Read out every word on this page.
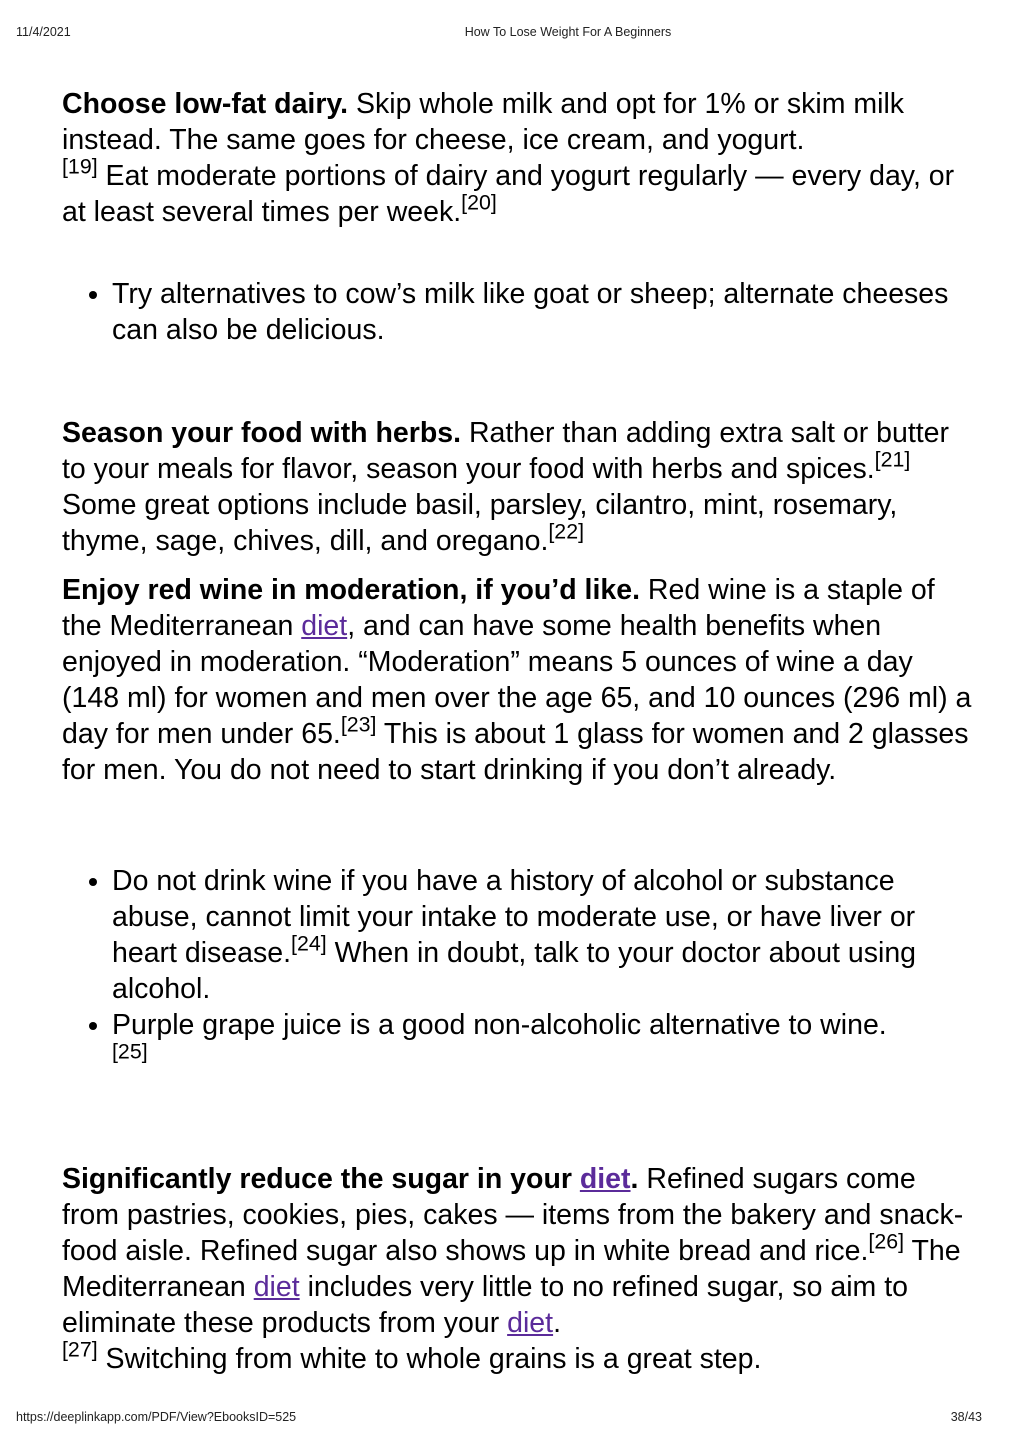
11/4/2021	How To Lose Weight For A Beginners

Choose low-fat dairy. Skip whole milk and opt for 1% or skim milk instead. The same goes for cheese, ice cream, and yogurt.
[19] Eat moderate portions of dairy and yogurt regularly — every day, or at least several times per week.[20]

• Try alternatives to cow’s milk like goat or sheep; alternate cheeses can also be delicious.

Season your food with herbs. Rather than adding extra salt or butter to your meals for flavor, season your food with herbs and spices.[21] Some great options include basil, parsley, cilantro, mint, rosemary, thyme, sage, chives, dill, and oregano.[22]

Enjoy red wine in moderation, if you’d like. Red wine is a staple of the Mediterranean diet, and can have some health benefits when enjoyed in moderation. “Moderation” means 5 ounces of wine a day (148 ml) for women and men over the age 65, and 10 ounces (296 ml) a day for men under 65.[23] This is about 1 glass for women and 2 glasses for men. You do not need to start drinking if you don’t already.

• Do not drink wine if you have a history of alcohol or substance abuse, cannot limit your intake to moderate use, or have liver or heart disease.[24] When in doubt, talk to your doctor about using alcohol.
• Purple grape juice is a good non-alcoholic alternative to wine.
[25]

Significantly reduce the sugar in your diet. Refined sugars come from pastries, cookies, pies, cakes — items from the bakery and snack-food aisle. Refined sugar also shows up in white bread and rice.[26] The Mediterranean diet includes very little to no refined sugar, so aim to eliminate these products from your diet.
[27] Switching from white to whole grains is a great step.

https://deeplinkapp.com/PDF/View?EbooksID=525	38/43
